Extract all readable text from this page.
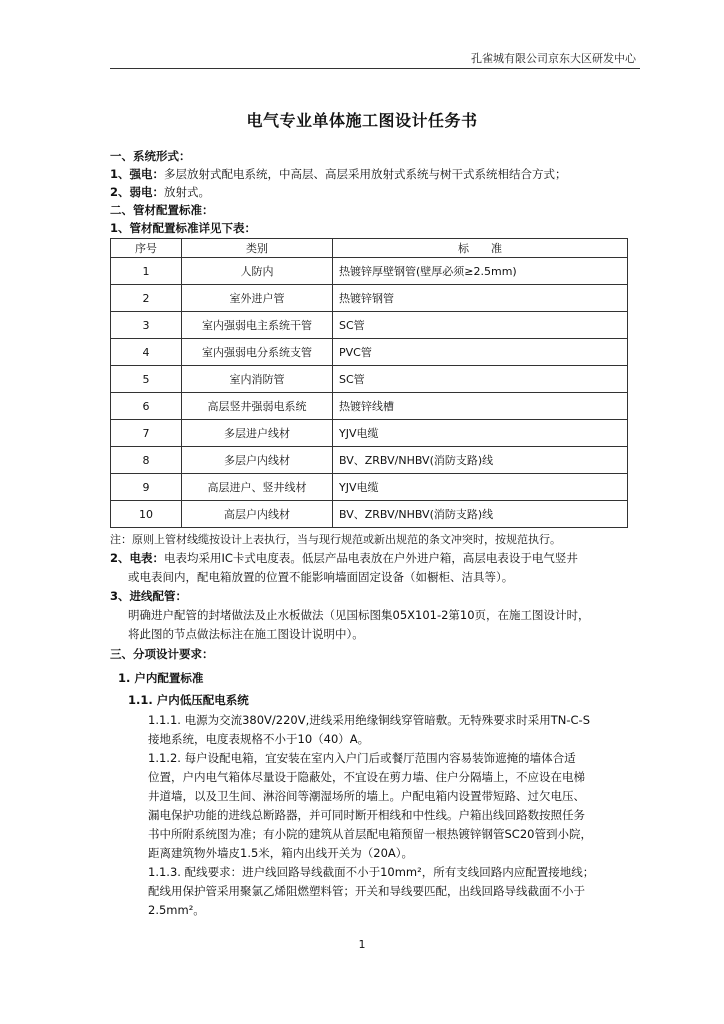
孔雀城有限公司京东大区研发中心
电气专业单体施工图设计任务书
一、系统形式：
1、强电：多层放射式配电系统，中高层、高层采用放射式系统与树干式系统相结合方式；
2、弱电：放射式。
二、管材配置标准：
1、管材配置标准详见下表：
序号	类别	标　　准
1	人防内	热镀锌厚壁钢管(壁厚必须≥2.5mm)
2	室外进户管	热镀锌钢管
3	室内强弱电主系统干管	SC管
4	室内强弱电分系统支管	PVC管
5	室内消防管	SC管
6	高层竖井强弱电系统	热镀锌线槽
7	多层进户线材	YJV电缆
8	多层户内线材	BV、ZRBV/NHBV(消防支路)线
9	高层进户、竖井线材	YJV电缆
10	高层户内线材	BV、ZRBV/NHBV(消防支路)线
注：原则上管材线缆按设计上表执行，当与现行规范或新出规范的条文冲突时，按规范执行。
2、电表：电表均采用IC卡式电度表。低层产品电表放在户外进户箱，高层电表设于电气竖井
或电表间内，配电箱放置的位置不能影响墙面固定设备（如橱柜、洁具等）。
3、进线配管：
明确进户配管的封堵做法及止水板做法（见国标图集05X101-2第10页，在施工图设计时，
将此图的节点做法标注在施工图设计说明中）。
三、分项设计要求：
1. 户内配置标准
1.1. 户内低压配电系统
1.1.1. 电源为交流380V/220V,进线采用绝缘铜线穿管暗敷。无特殊要求时采用TN-C-S
接地系统，电度表规格不小于10（40）A。
1.1.2. 每户设配电箱，宜安装在室内入户门后或餐厅范围内容易装饰遮掩的墙体合适
位置，户内电气箱体尽量设于隐蔽处，不宜设在剪力墙、住户分隔墙上，不应设在电梯
井道墙，以及卫生间、淋浴间等潮湿场所的墙上。户配电箱内设置带短路、过欠电压、
漏电保护功能的进线总断路器，并可同时断开相线和中性线。户箱出线回路数按照任务
书中所附系统图为准；有小院的建筑从首层配电箱预留一根热镀锌钢管SC20管到小院，
距离建筑物外墙皮1.5米，箱内出线开关为（20A）。
1.1.3. 配线要求：进户线回路导线截面不小于10mm²，所有支线回路内应配置接地线；
配线用保护管采用聚氯乙烯阻燃塑料管；开关和导线要匹配，出线回路导线截面不小于
2.5mm²。
1
